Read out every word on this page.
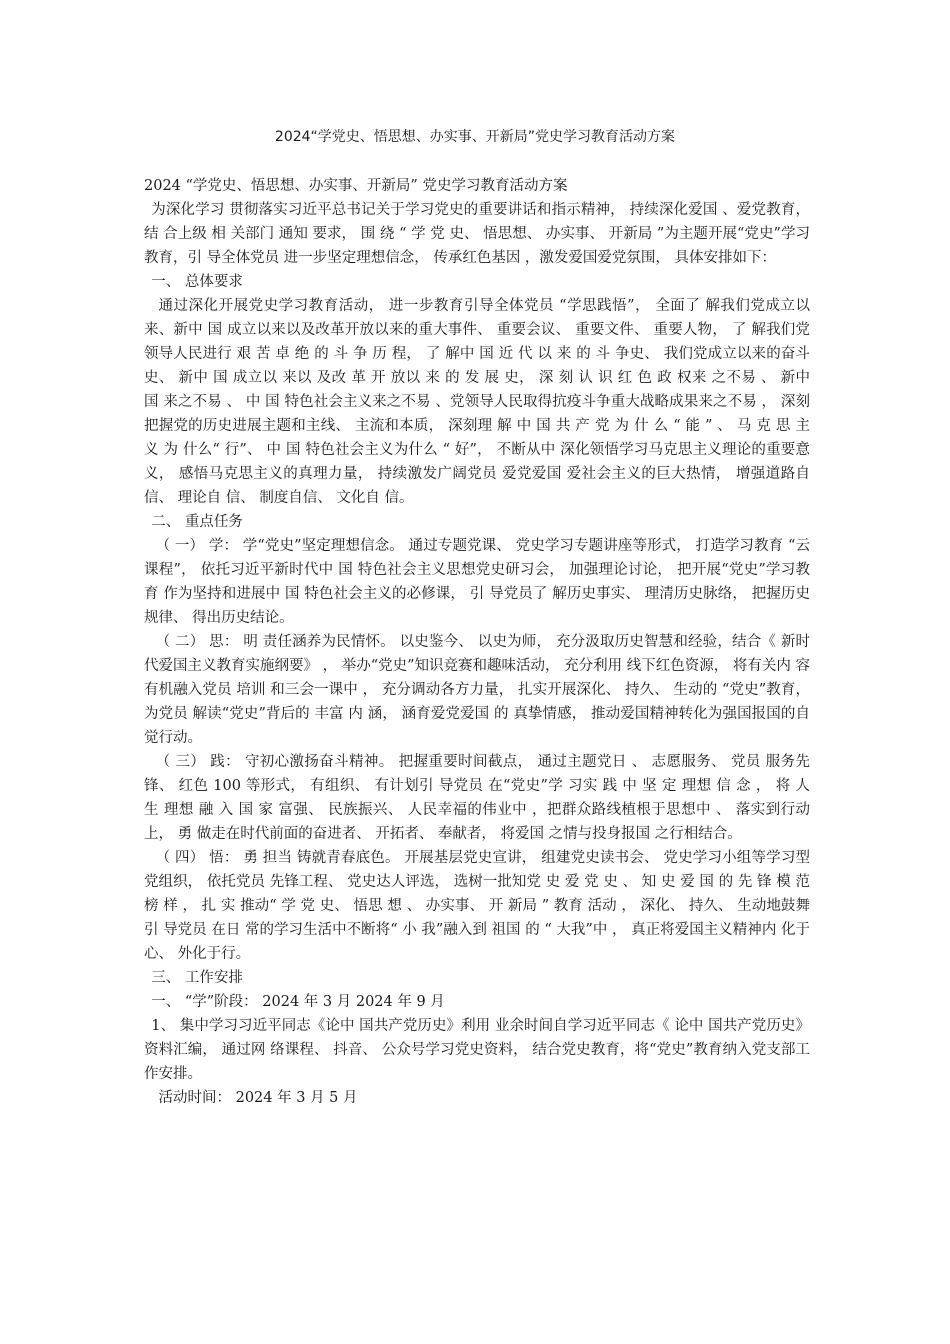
2024“学党史、悟思想、办实事、开新局”党史学习教育活动方案

2024 “学党史、悟思想、办实事、开新局” 党史学习教育活动方案

为深化学习 贯彻落实习近平总书记关于学习党史的重要讲话和指示精神， 持续深化爱国 、爱党教育，结 合上级 相 关部门 通知 要求， 围 绕 “ 学 党 史、 悟思想、 办实事、 开新局 ”为主题开展“党史”学习教育，引 导全体党员 进一步坚定理想信念， 传承红色基因 ，激发爱国爱党氛围， 具体安排如下：

一、 总体要求

通过深化开展党史学习教育活动， 进一步教育引导全体党员 “学思践悟”， 全面了 解我们党成立以来、新中 国 成立以来以及改革开放以来的重大事件、 重要会议、 重要文件、 重要人物， 了 解我们党领导人民进行 艰 苦 卓 绝 的 斗 争 历 程， 了 解中 国 近 代 以 来 的 斗 争史、 我们党成立以来的奋斗史、 新中 国 成立以 来以 及改 革 开 放以 来 的 发 展 史， 深 刻 认 识 红 色 政 权来 之不易 、 新中 国 来之不易 、 中 国 特色社会主义来之不易 、党领导人民取得抗疫斗争重大战略成果来之不易 ， 深刻把握党的历史进展主题和主线、 主流和本质， 深刻理 解 中 国 共 产 党 为 什 么 “ 能 ” 、 马 克 思 主 义 为 什么“ 行”、 中 国 特色社会主义为什么 “ 好”， 不断从中 深化领悟学习马克思主义理论的重要意义， 感悟马克思主义的真理力量， 持续激发广阔党员 爱党爱国 爱社会主义的巨大热情， 增强道路自 信、 理论自 信、 制度自信、 文化自 信。

二、 重点任务

（ 一） 学： 学“党史”坚定理想信念。 通过专题党课、 党史学习专题讲座等形式， 打造学习教育 “云课程”， 依托习近平新时代中 国 特色社会主义思想党史研习会， 加强理论讨论， 把开展“党史”学习教育 作为坚持和进展中 国 特色社会主义的必修课， 引 导党员了 解历史事实、 理清历史脉络， 把握历史规律、 得出历史结论。

（ 二） 思： 明 责任涵养为民情怀。 以史鉴今、 以史为师， 充分汲取历史智慧和经验，结合《 新时代爱国主义教育实施纲要》 ， 举办“党史”知识竞赛和趣味活动， 充分利用 线下红色资源， 将有关内 容有机融入党员 培训 和三会一课中 ， 充分调动各方力量， 扎实开展深化、 持久、 生动的 “党史”教育， 为党员 解读“党史”背后的 丰富 内 涵， 涵育爱党爱国 的 真挚情感， 推动爱国精神转化为强国报国的自 觉行动。

（ 三） 践： 守初心激扬奋斗精神。 把握重要时间截点， 通过主题党日 、 志愿服务、 党员 服务先锋、 红色 100 等形式， 有组织、 有计划引 导党员 在“党史”学 习实 践 中 坚 定 理想 信 念 ， 将 人 生 理想 融 入 国 家 富强、 民族振兴、 人民幸福的伟业中 ，把群众路线植根于思想中 、 落实到行动上， 勇 做走在时代前面的奋进者、 开拓者、 奉献者， 将爱国 之情与投身报国 之行相结合。

（ 四） 悟： 勇 担当 铸就青春底色。 开展基层党史宣讲， 组建党史读书会、 党史学习小组等学习型党组织， 依托党员 先锋工程、 党史达人评选， 选树一批知党 史 爱 党 史 、 知 史 爱 国 的 先 锋 模 范 榜 样 ， 扎 实 推动“ 学 党 史、 悟思 想 、 办实事、 开 新局 ” 教育 活动 ， 深化、 持久、 生动地鼓舞引 导党员 在日 常的学习生活中不断将“ 小 我”融入到 祖国 的 “ 大我”中 ， 真正将爱国主义精神内 化于心、 外化于行。

三、 工作安排

一、 “学”阶段： 2024 年 3 月 2024 年 9 月

1、 集中学习习近平同志《论中 国共产党历史》利用 业余时间自学习近平同志《 论中 国共产党历史》 资料汇编， 通过网 络课程、 抖音、 公众号学习党史资料， 结合党史教育，将“党史”教育纳入党支部工作安排。

活动时间： 2024 年 3 月 5 月
